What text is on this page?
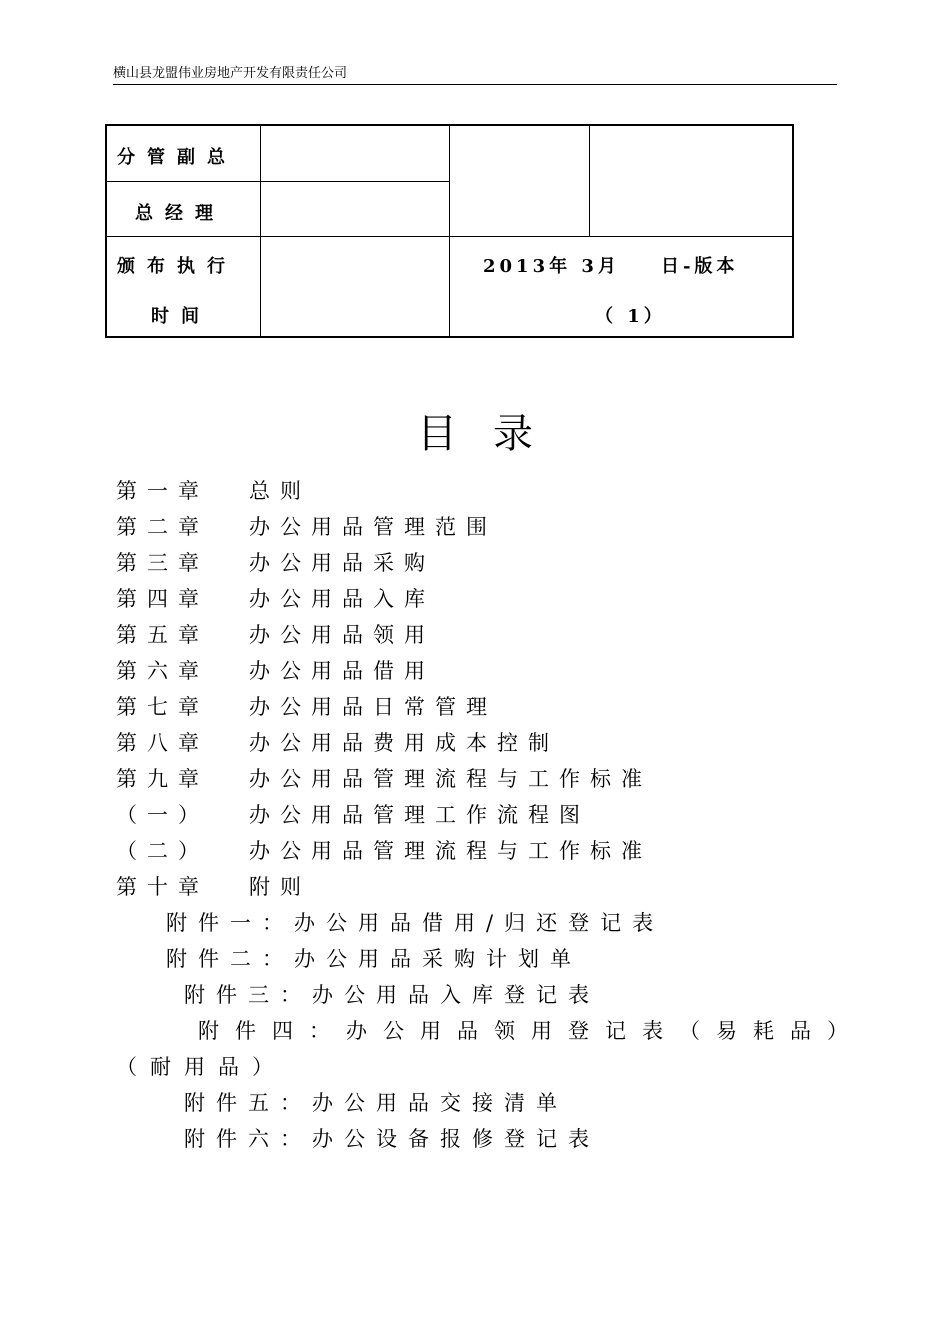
横山县龙盟伟业房地产开发有限责任公司
分管副总
总经理
颁布执行
时间
2013年 3月    日-版本
（ 1）
目录
第一章 总则
第二章 办公用品管理范围
第三章 办公用品采购
第四章 办公用品入库
第五章 办公用品领用
第六章 办公用品借用
第七章 办公用品日常管理
第八章 办公用品费用成本控制
第九章 办公用品管理流程与工作标准
（一） 办公用品管理工作流程图
（二） 办公用品管理流程与工作标准
第十章 附则
附件一：办公用品借用/归还登记表
附件二：办公用品采购计划单
附件三：办公用品入库登记表
附件四：办公用品领用登记表（易耗品）
（耐用品）
附件五：办公用品交接清单
附件六：办公设备报修登记表
